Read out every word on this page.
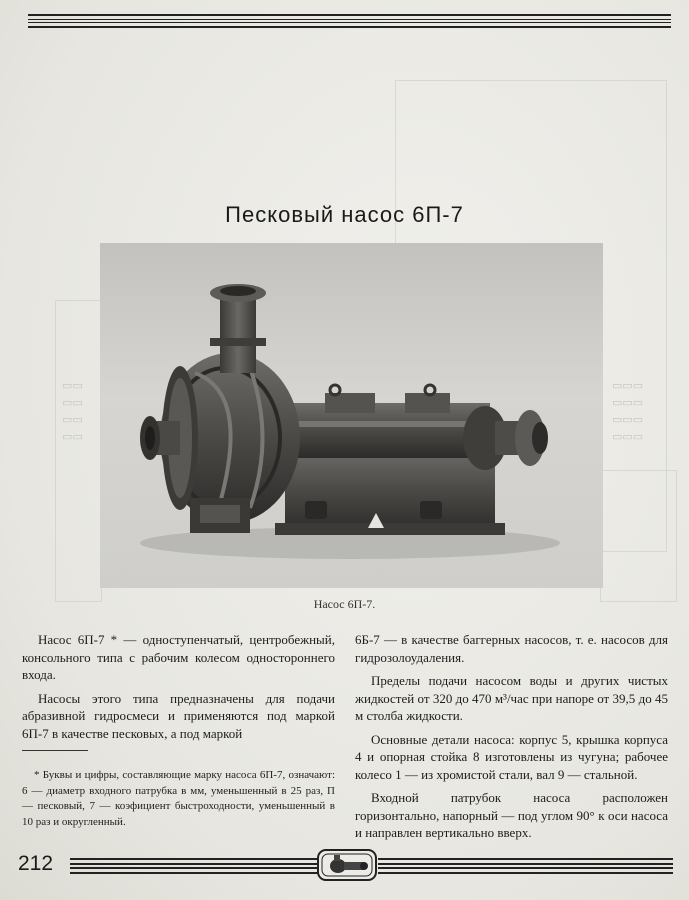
▭▭▭
▭▭▭
▭▭▭
▭▭▭
▭▭
▭▭
▭▭
▭▭
Песковый насос 6П-7
Насос 6П-7.

Насос 6П-7 * — одноступенчатый, центробежный, консольного типа с рабочим колесом одностороннего входа.

Насосы этого типа предназначены для подачи абразивной гидросмеси и применяются под маркой 6П-7 в качестве песковых, а под маркой

6Б-7 — в качестве баггерных насосов, т. е. насосов для гидрозолоудаления.

Пределы подачи насосом воды и других чистых жидкостей от 320 до 470 м³/час при напоре от 39,5 до 45 м столба жидкости.

Основные детали насоса: корпус 5, крышка корпуса 4 и опорная стойка 8 изготовлены из чугуна; рабочее колесо 1 — из хромистой стали, вал 9 — стальной.

Входной патрубок насоса расположен горизонтально, напорный — под углом 90° к оси насоса и направлен вертикально вверх.

* Буквы и цифры, составляющие марку насоса 6П-7, означают: 6 — диаметр входного патрубка в мм, уменьшенный в 25 раз, П — песковый, 7 — коэфициент быстроходности, уменьшенный в 10 раз и округленный.

212
